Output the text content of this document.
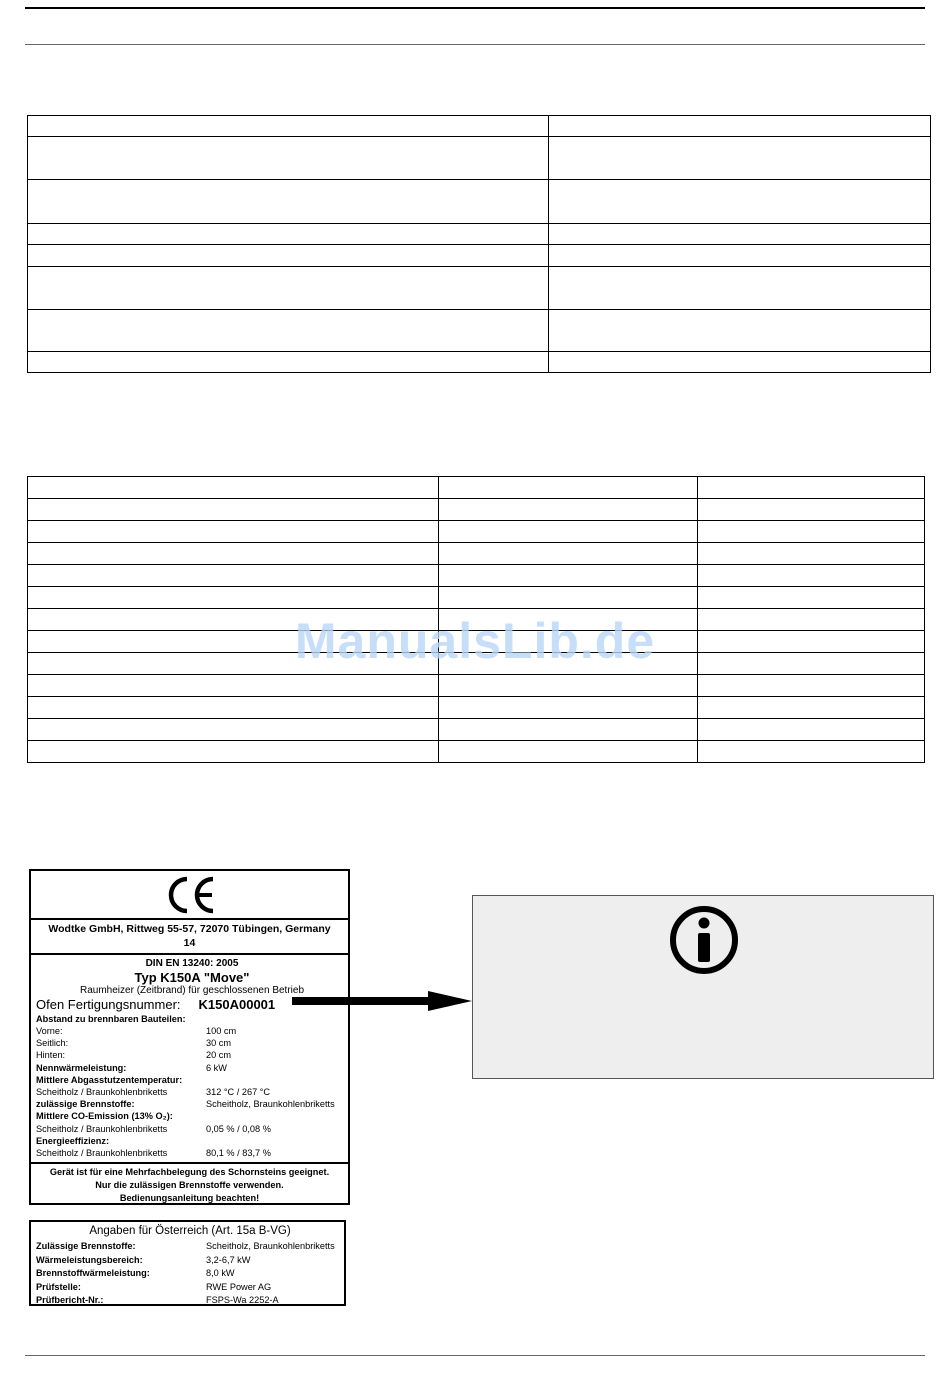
ManualsLib.de
Wodtke GmbH, Rittweg 55-57, 72070 Tübingen, Germany
14
DIN EN 13240: 2005
Typ K150A "Move"
Raumheizer (Zeitbrand) für geschlossenen Betrieb
Ofen Fertigungsnummer: K150A00001
Abstand zu brennbaren Bauteilen:
Vorne:	100 cm
Seitlich:	30 cm
Hinten:	20 cm
Nennwärmeleistung:	6 kW
Mittlere Abgasstutzentemperatur:
Scheitholz / Braunkohlenbriketts	312 °C / 267 °C
zulässige Brennstoffe:	Scheitholz, Braunkohlenbriketts
Mittlere CO-Emission (13% O₂):
Scheitholz / Braunkohlenbriketts	0,05 % / 0,08 %
Energieeffizienz:
Scheitholz / Braunkohlenbriketts	80,1 % / 83,7 %
Gerät ist für eine Mehrfachbelegung des Schornsteins geeignet.
Nur die zulässigen Brennstoffe verwenden.
Bedienungsanleitung beachten!
Angaben für Österreich (Art. 15a B-VG)
Zulässige Brennstoffe:	Scheitholz, Braunkohlenbriketts
Wärmeleistungsbereich:	3,2-6,7 kW
Brennstoffwärmeleistung:	8,0 kW
Prüfstelle:	RWE Power AG
Prüfbericht-Nr.:	FSPS-Wa 2252-A
